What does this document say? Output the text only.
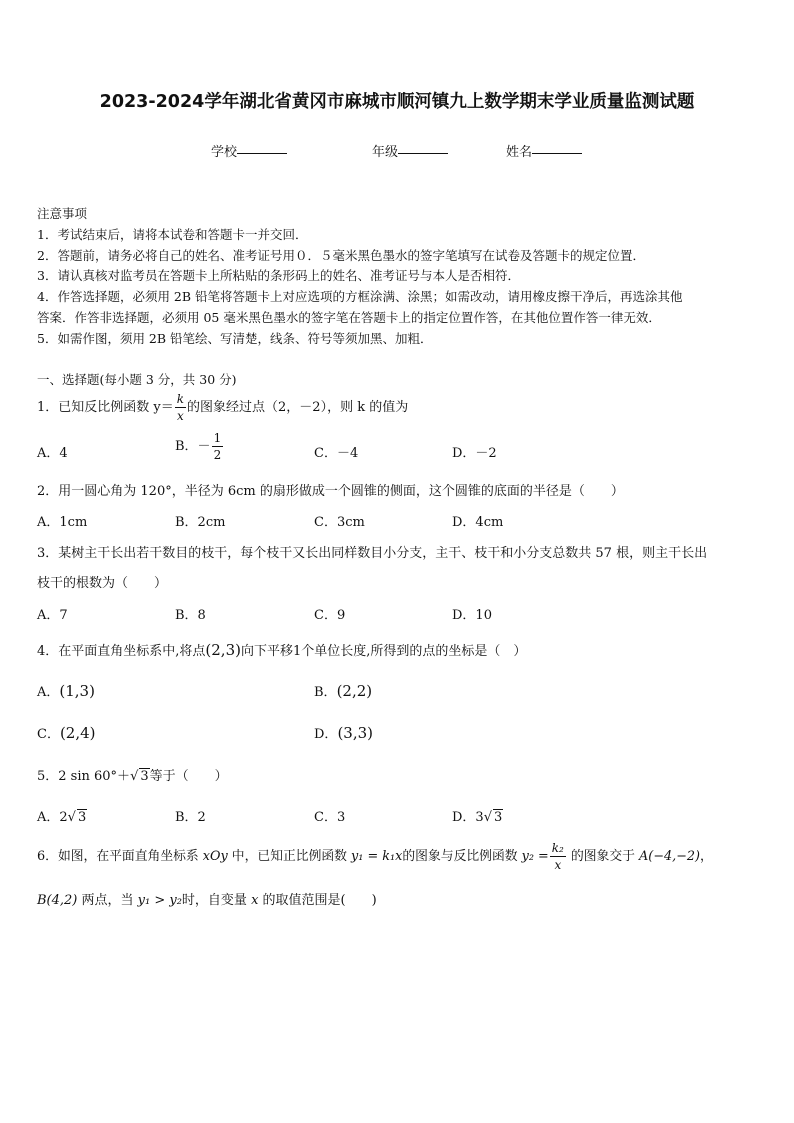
2023-2024学年湖北省黄冈市麻城市顺河镇九上数学期末学业质量监测试题
学校	年级	姓名
注意事项
1．考试结束后，请将本试卷和答题卡一并交回．
2．答题前，请务必将自己的姓名、准考证号用０．５毫米黑色墨水的签字笔填写在试卷及答题卡的规定位置．
3．请认真核对监考员在答题卡上所粘贴的条形码上的姓名、准考证号与本人是否相符．
4．作答选择题，必须用 2B 铅笔将答题卡上对应选项的方框涂满、涂黑；如需改动，请用橡皮擦干净后，再选涂其他
答案．作答非选择题，必须用 05 毫米黑色墨水的签字笔在答题卡上的指定位置作答，在其他位置作答一律无效．
5．如需作图，须用 2B 铅笔绘、写清楚，线条、符号等须加黑、加粗．
一、选择题(每小题 3 分，共 30 分)
1．已知反比例函数 $y= \frac{k}{x}$ 的图象经过点（2，－2），则 k 的值为
A．4	B．－ $\frac{1}{2}$	C．－4	D．－2
2．用一圆心角为 120°，半径为 6cm 的扇形做成一个圆锥的侧面，这个圆锥的底面的半径是（　　）
A．1cm	B．2cm	C．3cm	D．4cm
3．某树主干长出若干数目的枝干，每个枝干又长出同样数目小分支，主干、枝干和小分支总数共 57 根，则主干长出
枝干的根数为（　　）
A．7	B．8	C．9	D．10
4．在平面直角坐标系中,将点(2,3)向下平移1个单位长度,所得到的点的坐标是（　）
A．(1,3)	B．(2,2)
C．(2,4)	D．(3,3)
5．2 sin 60°＋√ 3等于（　　）
A．2√ 3	B．2	C．3	D．3√ 3
6．如图，在平面直角坐标系 xOy 中，已知正比例函数 y₁ = k₁x的图象与反比例函数 $y_2 = \frac{\text{k₂}}{x}$ 的图象交于 A(−4,−2)，
B(4,2) 两点，当 y₁ > y₂时，自变量 x 的取值范围是(　　)
